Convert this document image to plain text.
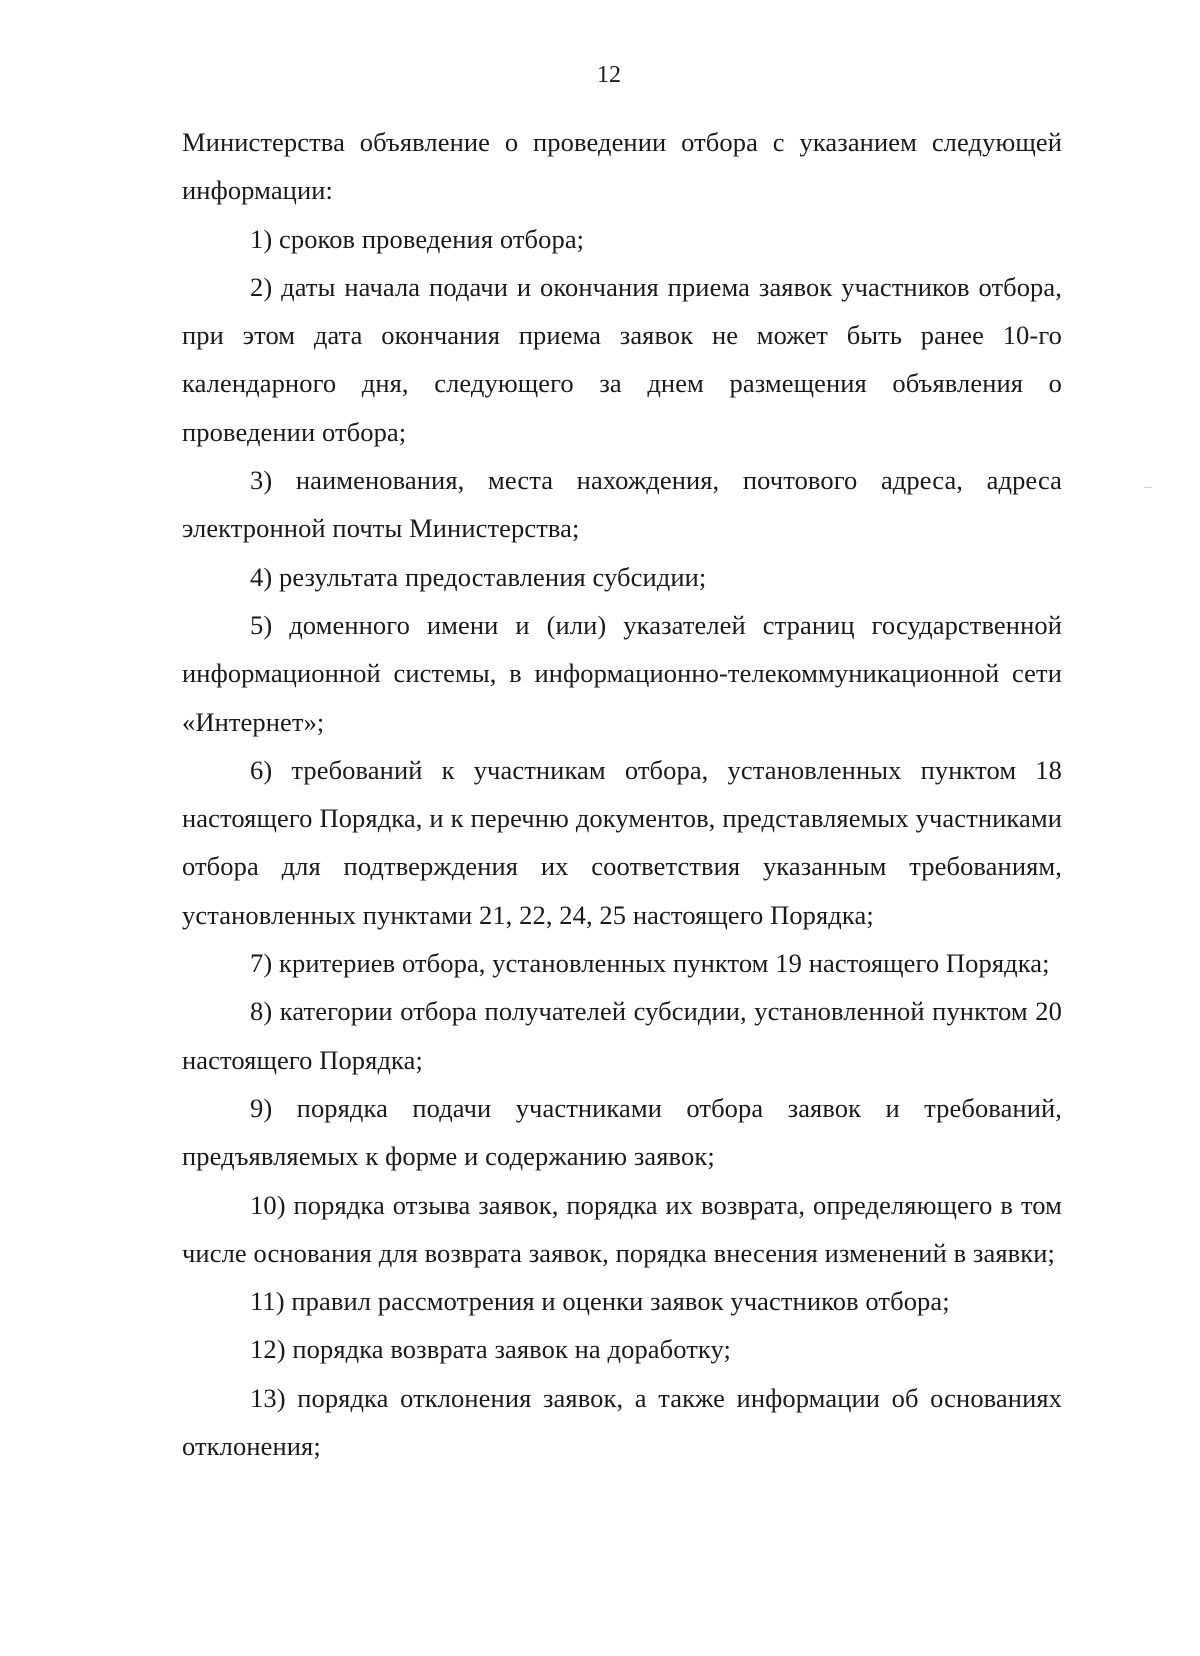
12

Министерства объявление о проведении отбора с указанием следующей информации:

1) сроков проведения отбора;

2) даты начала подачи и окончания приема заявок участников отбора, при этом дата окончания приема заявок не может быть ранее 10-го календарного дня, следующего за днем размещения объявления о проведении отбора;

3) наименования, места нахождения, почтового адреса, адреса электронной почты Министерства;

4) результата предоставления субсидии;

5) доменного имени и (или) указателей страниц государственной информационной системы, в информационно-телекоммуникационной сети «Интернет»;

6) требований к участникам отбора, установленных пунктом 18 настоящего Порядка, и к перечню документов, представляемых участниками отбора для подтверждения их соответствия указанным требованиям, установленных пунктами 21, 22, 24, 25 настоящего Порядка;

7) критериев отбора, установленных пунктом 19 настоящего Порядка;

8) категории отбора получателей субсидии, установленной пунктом 20 настоящего Порядка;

9) порядка подачи участниками отбора заявок и требований, предъявляемых к форме и содержанию заявок;

10) порядка отзыва заявок, порядка их возврата, определяющего в том числе основания для возврата заявок, порядка внесения изменений в заявки;

11) правил рассмотрения и оценки заявок участников отбора;

12) порядка возврата заявок на доработку;

13) порядка отклонения заявок, а также информации об основаниях отклонения;
